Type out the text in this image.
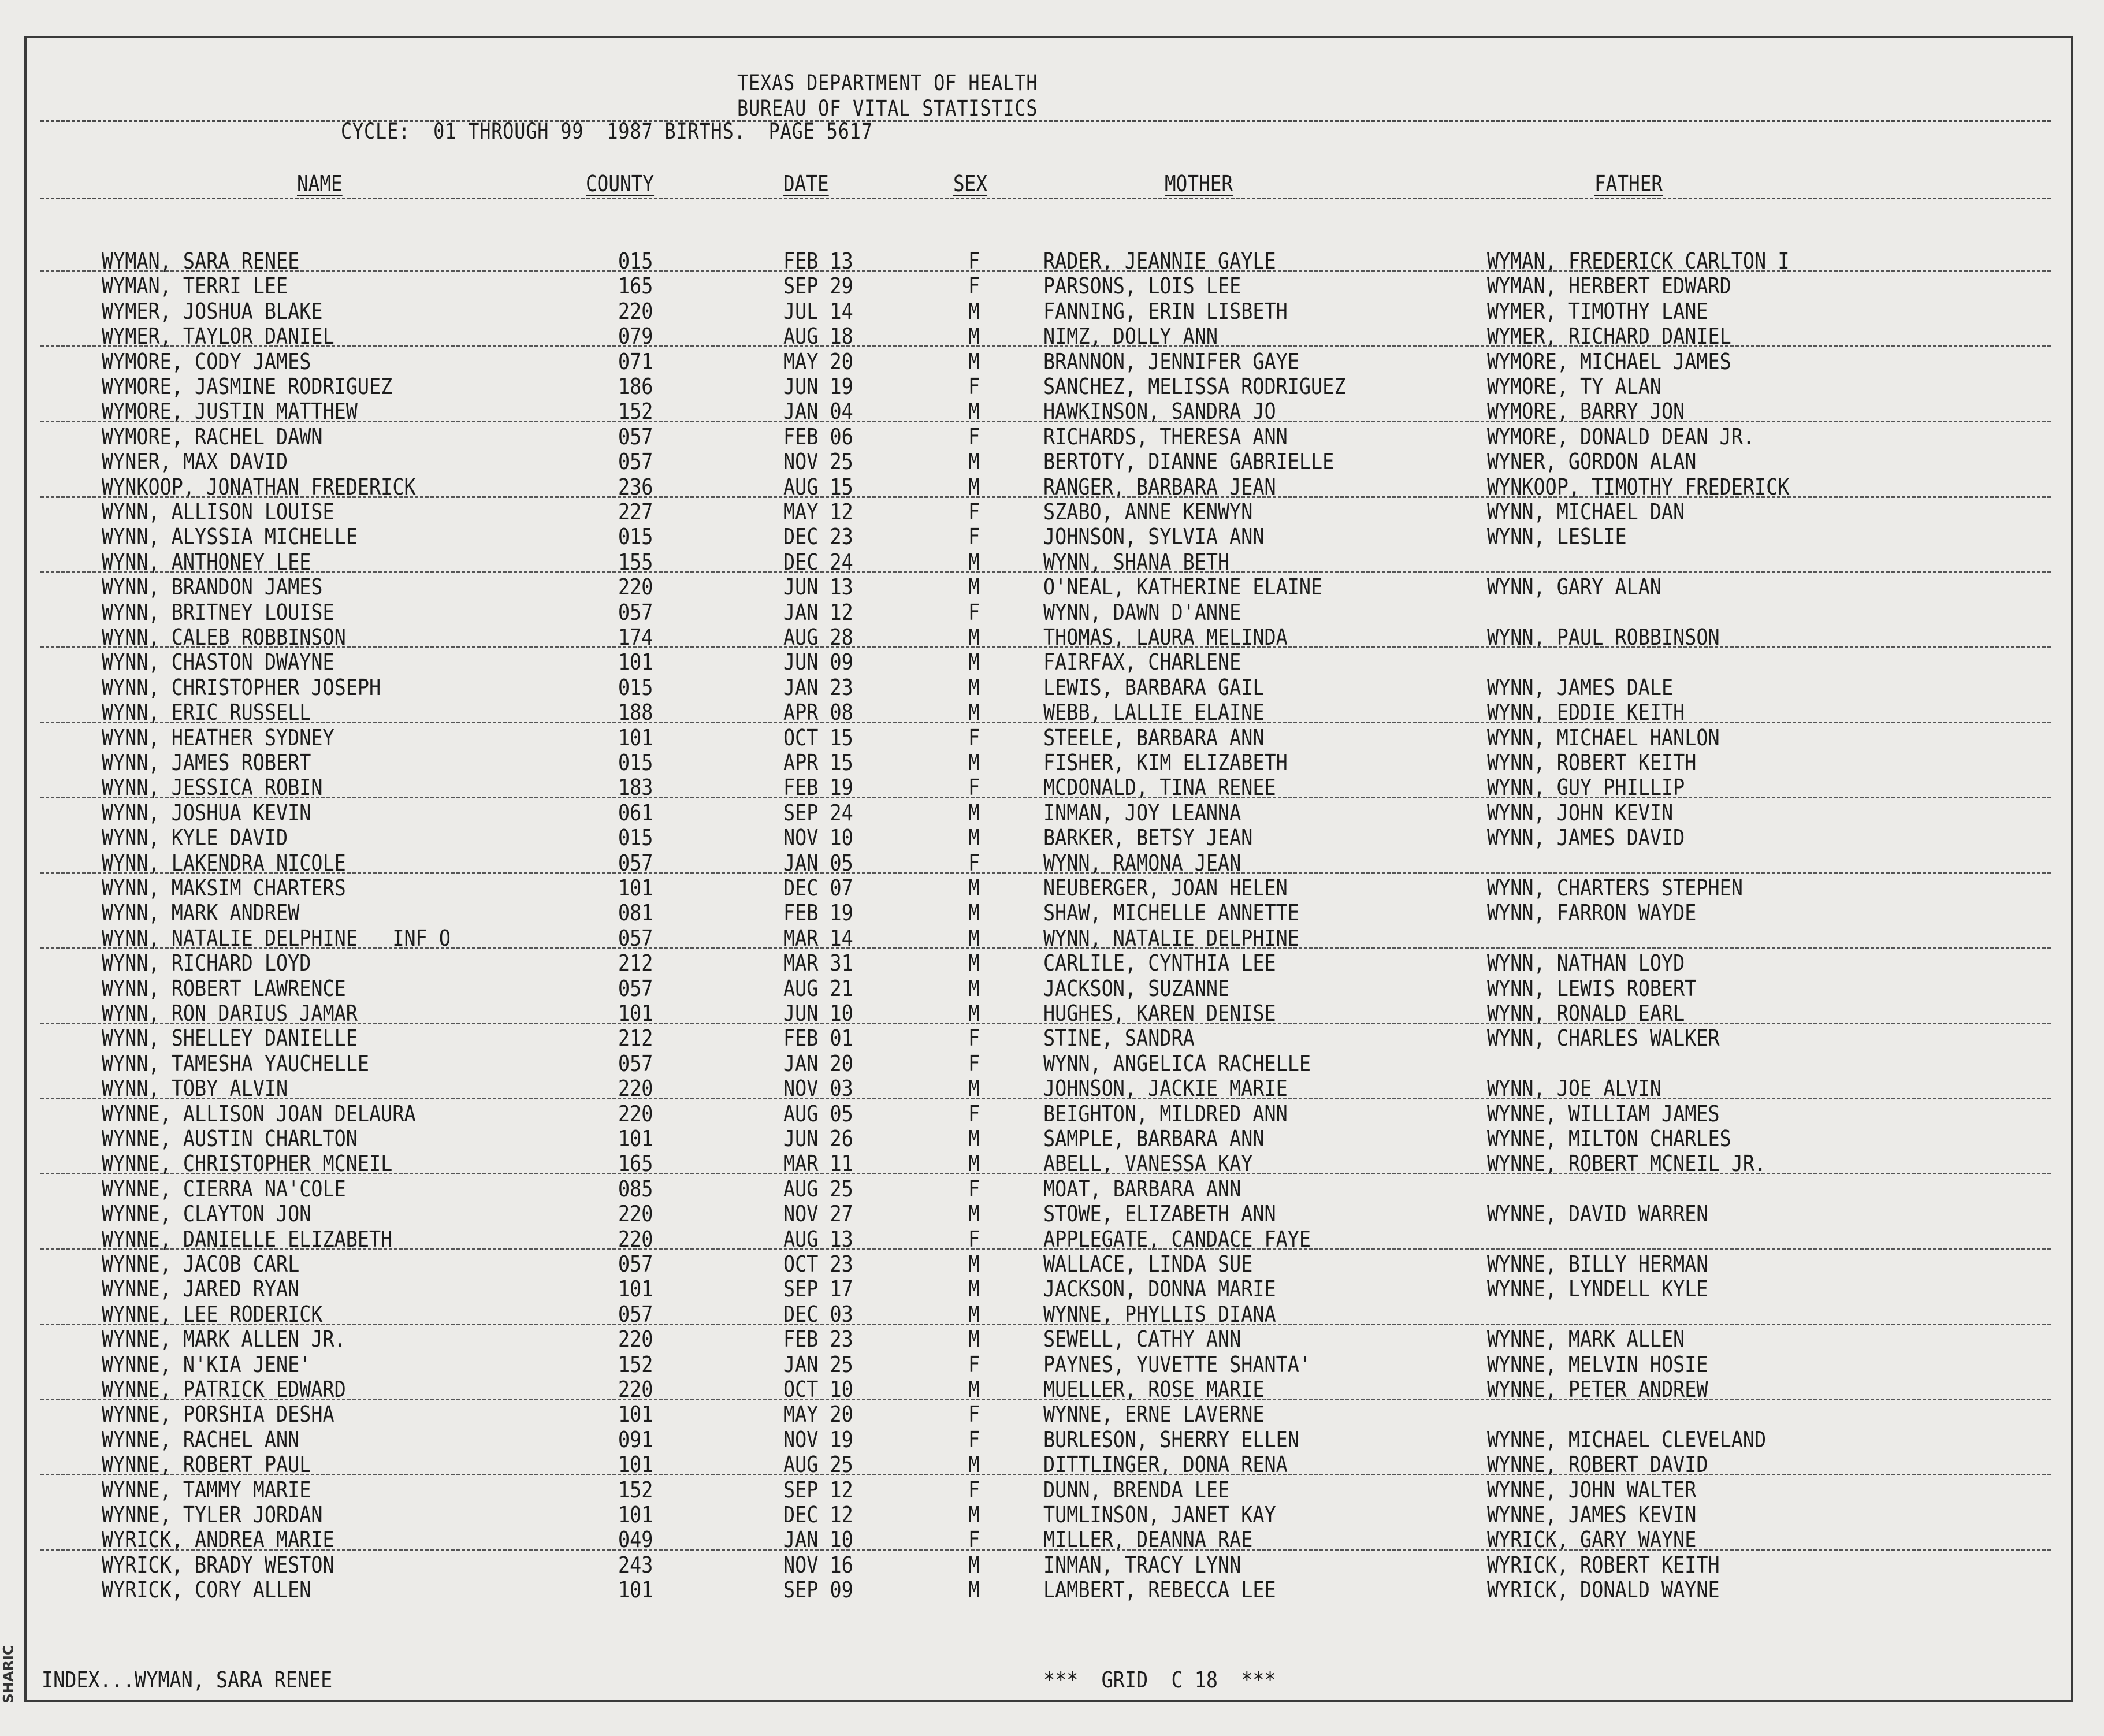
TEXAS DEPARTMENT OF HEALTH
BUREAU OF VITAL STATISTICS
CYCLE:  01 THROUGH 99  1987 BIRTHS.  PAGE 5617
NAME	COUNTY	DATE	SEX	MOTHER	FATHER
WYMAN, SARA RENEE	015	FEB 13	F	RADER, JEANNIE GAYLE	WYMAN, FREDERICK CARLTON I
WYMAN, TERRI LEE	165	SEP 29	F	PARSONS, LOIS LEE	WYMAN, HERBERT EDWARD
WYMER, JOSHUA BLAKE	220	JUL 14	M	FANNING, ERIN LISBETH	WYMER, TIMOTHY LANE
WYMER, TAYLOR DANIEL	079	AUG 18	M	NIMZ, DOLLY ANN	WYMER, RICHARD DANIEL
WYMORE, CODY JAMES	071	MAY 20	M	BRANNON, JENNIFER GAYE	WYMORE, MICHAEL JAMES
WYMORE, JASMINE RODRIGUEZ	186	JUN 19	F	SANCHEZ, MELISSA RODRIGUEZ	WYMORE, TY ALAN
WYMORE, JUSTIN MATTHEW	152	JAN 04	M	HAWKINSON, SANDRA JO	WYMORE, BARRY JON
WYMORE, RACHEL DAWN	057	FEB 06	F	RICHARDS, THERESA ANN	WYMORE, DONALD DEAN JR.
WYNER, MAX DAVID	057	NOV 25	M	BERTOTY, DIANNE GABRIELLE	WYNER, GORDON ALAN
WYNKOOP, JONATHAN FREDERICK	236	AUG 15	M	RANGER, BARBARA JEAN	WYNKOOP, TIMOTHY FREDERICK
WYNN, ALLISON LOUISE	227	MAY 12	F	SZABO, ANNE KENWYN	WYNN, MICHAEL DAN
WYNN, ALYSSIA MICHELLE	015	DEC 23	F	JOHNSON, SYLVIA ANN	WYNN, LESLIE
WYNN, ANTHONEY LEE	155	DEC 24	M	WYNN, SHANA BETH
WYNN, BRANDON JAMES	220	JUN 13	M	O'NEAL, KATHERINE ELAINE	WYNN, GARY ALAN
WYNN, BRITNEY LOUISE	057	JAN 12	F	WYNN, DAWN D'ANNE
WYNN, CALEB ROBBINSON	174	AUG 28	M	THOMAS, LAURA MELINDA	WYNN, PAUL ROBBINSON
WYNN, CHASTON DWAYNE	101	JUN 09	M	FAIRFAX, CHARLENE
WYNN, CHRISTOPHER JOSEPH	015	JAN 23	M	LEWIS, BARBARA GAIL	WYNN, JAMES DALE
WYNN, ERIC RUSSELL	188	APR 08	M	WEBB, LALLIE ELAINE	WYNN, EDDIE KEITH
WYNN, HEATHER SYDNEY	101	OCT 15	F	STEELE, BARBARA ANN	WYNN, MICHAEL HANLON
WYNN, JAMES ROBERT	015	APR 15	M	FISHER, KIM ELIZABETH	WYNN, ROBERT KEITH
WYNN, JESSICA ROBIN	183	FEB 19	F	MCDONALD, TINA RENEE	WYNN, GUY PHILLIP
WYNN, JOSHUA KEVIN	061	SEP 24	M	INMAN, JOY LEANNA	WYNN, JOHN KEVIN
WYNN, KYLE DAVID	015	NOV 10	M	BARKER, BETSY JEAN	WYNN, JAMES DAVID
WYNN, LAKENDRA NICOLE	057	JAN 05	F	WYNN, RAMONA JEAN
WYNN, MAKSIM CHARTERS	101	DEC 07	M	NEUBERGER, JOAN HELEN	WYNN, CHARTERS STEPHEN
WYNN, MARK ANDREW	081	FEB 19	M	SHAW, MICHELLE ANNETTE	WYNN, FARRON WAYDE
WYNN, NATALIE DELPHINE   INF O	057	MAR 14	M	WYNN, NATALIE DELPHINE
WYNN, RICHARD LOYD	212	MAR 31	M	CARLILE, CYNTHIA LEE	WYNN, NATHAN LOYD
WYNN, ROBERT LAWRENCE	057	AUG 21	M	JACKSON, SUZANNE	WYNN, LEWIS ROBERT
WYNN, RON DARIUS JAMAR	101	JUN 10	M	HUGHES, KAREN DENISE	WYNN, RONALD EARL
WYNN, SHELLEY DANIELLE	212	FEB 01	F	STINE, SANDRA	WYNN, CHARLES WALKER
WYNN, TAMESHA YAUCHELLE	057	JAN 20	F	WYNN, ANGELICA RACHELLE
WYNN, TOBY ALVIN	220	NOV 03	M	JOHNSON, JACKIE MARIE	WYNN, JOE ALVIN
WYNNE, ALLISON JOAN DELAURA	220	AUG 05	F	BEIGHTON, MILDRED ANN	WYNNE, WILLIAM JAMES
WYNNE, AUSTIN CHARLTON	101	JUN 26	M	SAMPLE, BARBARA ANN	WYNNE, MILTON CHARLES
WYNNE, CHRISTOPHER MCNEIL	165	MAR 11	M	ABELL, VANESSA KAY	WYNNE, ROBERT MCNEIL JR.
WYNNE, CIERRA NA'COLE	085	AUG 25	F	MOAT, BARBARA ANN
WYNNE, CLAYTON JON	220	NOV 27	M	STOWE, ELIZABETH ANN	WYNNE, DAVID WARREN
WYNNE, DANIELLE ELIZABETH	220	AUG 13	F	APPLEGATE, CANDACE FAYE
WYNNE, JACOB CARL	057	OCT 23	M	WALLACE, LINDA SUE	WYNNE, BILLY HERMAN
WYNNE, JARED RYAN	101	SEP 17	M	JACKSON, DONNA MARIE	WYNNE, LYNDELL KYLE
WYNNE, LEE RODERICK	057	DEC 03	M	WYNNE, PHYLLIS DIANA
WYNNE, MARK ALLEN JR.	220	FEB 23	M	SEWELL, CATHY ANN	WYNNE, MARK ALLEN
WYNNE, N'KIA JENE'	152	JAN 25	F	PAYNES, YUVETTE SHANTA'	WYNNE, MELVIN HOSIE
WYNNE, PATRICK EDWARD	220	OCT 10	M	MUELLER, ROSE MARIE	WYNNE, PETER ANDREW
WYNNE, PORSHIA DESHA	101	MAY 20	F	WYNNE, ERNE LAVERNE
WYNNE, RACHEL ANN	091	NOV 19	F	BURLESON, SHERRY ELLEN	WYNNE, MICHAEL CLEVELAND
WYNNE, ROBERT PAUL	101	AUG 25	M	DITTLINGER, DONA RENA	WYNNE, ROBERT DAVID
WYNNE, TAMMY MARIE	152	SEP 12	F	DUNN, BRENDA LEE	WYNNE, JOHN WALTER
WYNNE, TYLER JORDAN	101	DEC 12	M	TUMLINSON, JANET KAY	WYNNE, JAMES KEVIN
WYRICK, ANDREA MARIE	049	JAN 10	F	MILLER, DEANNA RAE	WYRICK, GARY WAYNE
WYRICK, BRADY WESTON	243	NOV 16	M	INMAN, TRACY LYNN	WYRICK, ROBERT KEITH
WYRICK, CORY ALLEN	101	SEP 09	M	LAMBERT, REBECCA LEE	WYRICK, DONALD WAYNE
INDEX...WYMAN, SARA RENEE	***  GRID  C 18  ***
SHARIC
